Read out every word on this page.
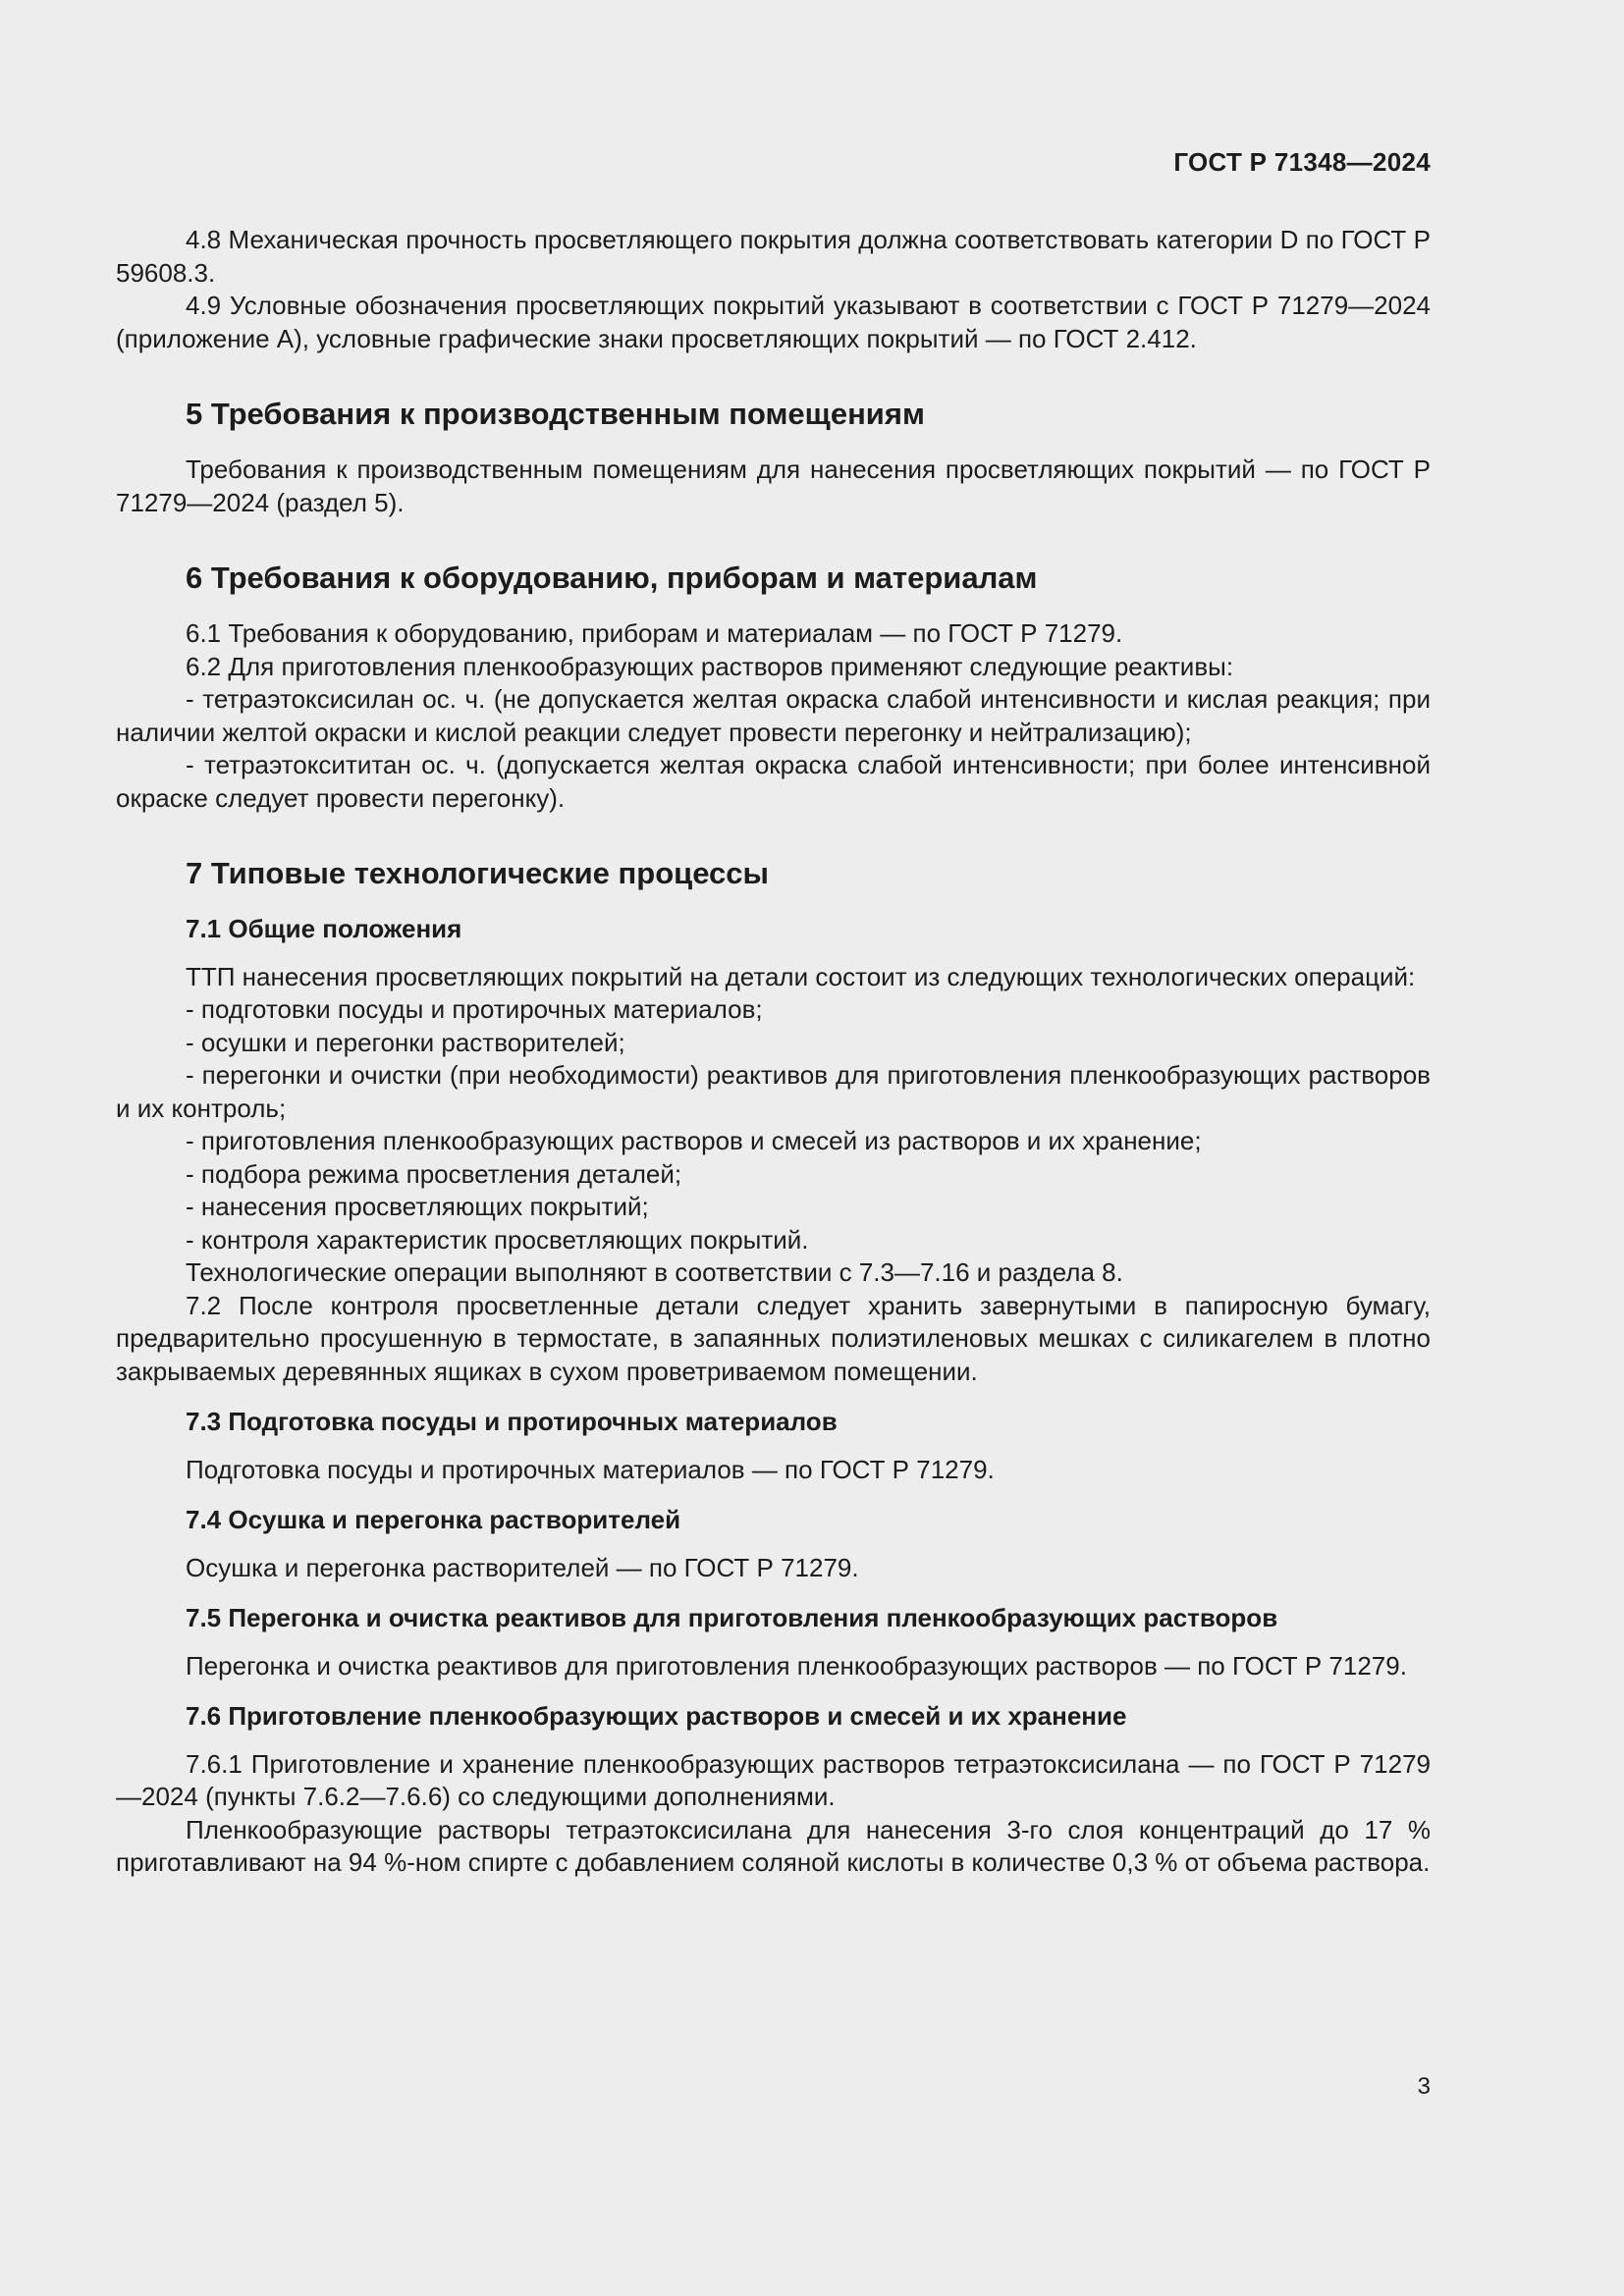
ГОСТ Р 71348—2024

4.8 Механическая прочность просветляющего покрытия должна соответствовать категории D по ГОСТ Р 59608.3.

4.9 Условные обозначения просветляющих покрытий указывают в соответствии с ГОСТ Р 71279—2024 (приложение А), условные графические знаки просветляющих покрытий — по ГОСТ 2.412.

5 Требования к производственным помещениям

Требования к производственным помещениям для нанесения просветляющих покрытий — по ГОСТ Р 71279—2024 (раздел 5).

6 Требования к оборудованию, приборам и материалам

6.1 Требования к оборудованию, приборам и материалам — по ГОСТ Р 71279.

6.2 Для приготовления пленкообразующих растворов применяют следующие реактивы:

- тетраэтоксисилан ос. ч. (не допускается желтая окраска слабой интенсивности и кислая реакция; при наличии желтой окраски и кислой реакции следует провести перегонку и нейтрализацию);

- тетраэтоксититан ос. ч. (допускается желтая окраска слабой интенсивности; при более интенсивной окраске следует провести перегонку).

7 Типовые технологические процессы
7.1 Общие положения

ТТП нанесения просветляющих покрытий на детали состоит из следующих технологических операций:

- подготовки посуды и протирочных материалов;

- осушки и перегонки растворителей;

- перегонки и очистки (при необходимости) реактивов для приготовления пленкообразующих растворов и их контроль;

- приготовления пленкообразующих растворов и смесей из растворов и их хранение;

- подбора режима просветления деталей;

- нанесения просветляющих покрытий;

- контроля характеристик просветляющих покрытий.

Технологические операции выполняют в соответствии с 7.3—7.16 и раздела 8.

7.2 После контроля просветленные детали следует хранить завернутыми в папиросную бумагу, предварительно просушенную в термостате, в запаянных полиэтиленовых мешках с силикагелем в плотно закрываемых деревянных ящиках в сухом проветриваемом помещении.

7.3 Подготовка посуды и протирочных материалов

Подготовка посуды и протирочных материалов — по ГОСТ Р 71279.

7.4 Осушка и перегонка растворителей

Осушка и перегонка растворителей — по ГОСТ Р 71279.

7.5 Перегонка и очистка реактивов для приготовления пленкообразующих растворов

Перегонка и очистка реактивов для приготовления пленкообразующих растворов — по ГОСТ Р 71279.

7.6 Приготовление пленкообразующих растворов и смесей и их хранение

7.6.1 Приготовление и хранение пленкообразующих растворов тетраэтоксисилана — по ГОСТ Р 71279—2024 (пункты 7.6.2—7.6.6) со следующими дополнениями.

Пленкообразующие растворы тетраэтоксисилана для нанесения 3-го слоя концентраций до 17 % приготавливают на 94 %-ном спирте с добавлением соляной кислоты в количестве 0,3 % от объема раствора.

3
